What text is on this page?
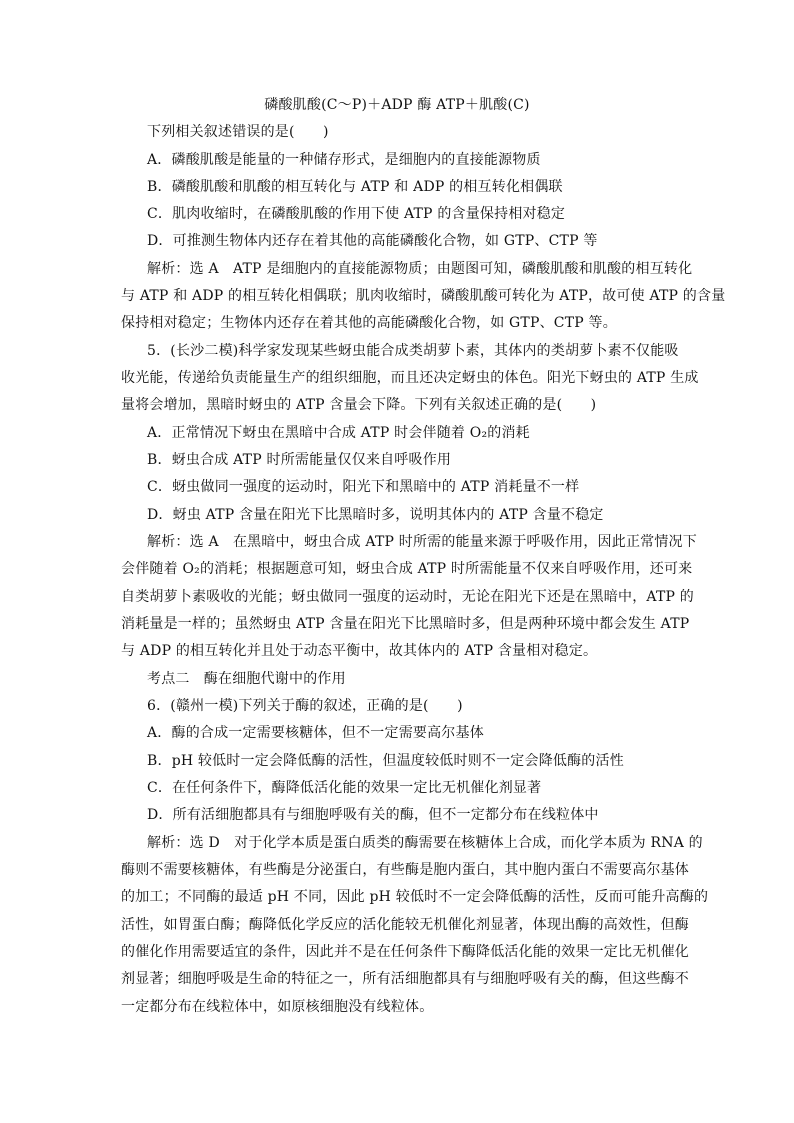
磷酸肌酸(C～P)＋ADP 酶 ATP＋肌酸(C)
下列相关叙述错误的是(　　)
A．磷酸肌酸是能量的一种储存形式，是细胞内的直接能源物质
B．磷酸肌酸和肌酸的相互转化与 ATP 和 ADP 的相互转化相偶联
C．肌肉收缩时，在磷酸肌酸的作用下使 ATP 的含量保持相对稳定
D．可推测生物体内还存在着其他的高能磷酸化合物，如 GTP、CTP 等
解析：选 A　ATP 是细胞内的直接能源物质；由题图可知，磷酸肌酸和肌酸的相互转化
与 ATP 和 ADP 的相互转化相偶联；肌肉收缩时，磷酸肌酸可转化为 ATP，故可使 ATP 的含量
保持相对稳定；生物体内还存在着其他的高能磷酸化合物，如 GTP、CTP 等。
5．(长沙二模)科学家发现某些蚜虫能合成类胡萝卜素，其体内的类胡萝卜素不仅能吸
收光能，传递给负责能量生产的组织细胞，而且还决定蚜虫的体色。阳光下蚜虫的 ATP 生成
量将会增加，黑暗时蚜虫的 ATP 含量会下降。下列有关叙述正确的是(　　)
A．正常情况下蚜虫在黑暗中合成 ATP 时会伴随着 O₂的消耗
B．蚜虫合成 ATP 时所需能量仅仅来自呼吸作用
C．蚜虫做同一强度的运动时，阳光下和黑暗中的 ATP 消耗量不一样
D．蚜虫 ATP 含量在阳光下比黑暗时多，说明其体内的 ATP 含量不稳定
解析：选 A　在黑暗中，蚜虫合成 ATP 时所需的能量来源于呼吸作用，因此正常情况下
会伴随着 O₂的消耗；根据题意可知，蚜虫合成 ATP 时所需能量不仅来自呼吸作用，还可来
自类胡萝卜素吸收的光能；蚜虫做同一强度的运动时，无论在阳光下还是在黑暗中，ATP 的
消耗量是一样的；虽然蚜虫 ATP 含量在阳光下比黑暗时多，但是两种环境中都会发生 ATP
与 ADP 的相互转化并且处于动态平衡中，故其体内的 ATP 含量相对稳定。
考点二　酶在细胞代谢中的作用
6．(赣州一模)下列关于酶的叙述，正确的是(　　)
A．酶的合成一定需要核糖体，但不一定需要高尔基体
B．pH 较低时一定会降低酶的活性，但温度较低时则不一定会降低酶的活性
C．在任何条件下，酶降低活化能的效果一定比无机催化剂显著
D．所有活细胞都具有与细胞呼吸有关的酶，但不一定都分布在线粒体中
解析：选 D　对于化学本质是蛋白质类的酶需要在核糖体上合成，而化学本质为 RNA 的
酶则不需要核糖体，有些酶是分泌蛋白，有些酶是胞内蛋白，其中胞内蛋白不需要高尔基体
的加工；不同酶的最适 pH 不同，因此 pH 较低时不一定会降低酶的活性，反而可能升高酶的
活性，如胃蛋白酶；酶降低化学反应的活化能较无机催化剂显著，体现出酶的高效性，但酶
的催化作用需要适宜的条件，因此并不是在任何条件下酶降低活化能的效果一定比无机催化
剂显著；细胞呼吸是生命的特征之一，所有活细胞都具有与细胞呼吸有关的酶，但这些酶不
一定都分布在线粒体中，如原核细胞没有线粒体。
